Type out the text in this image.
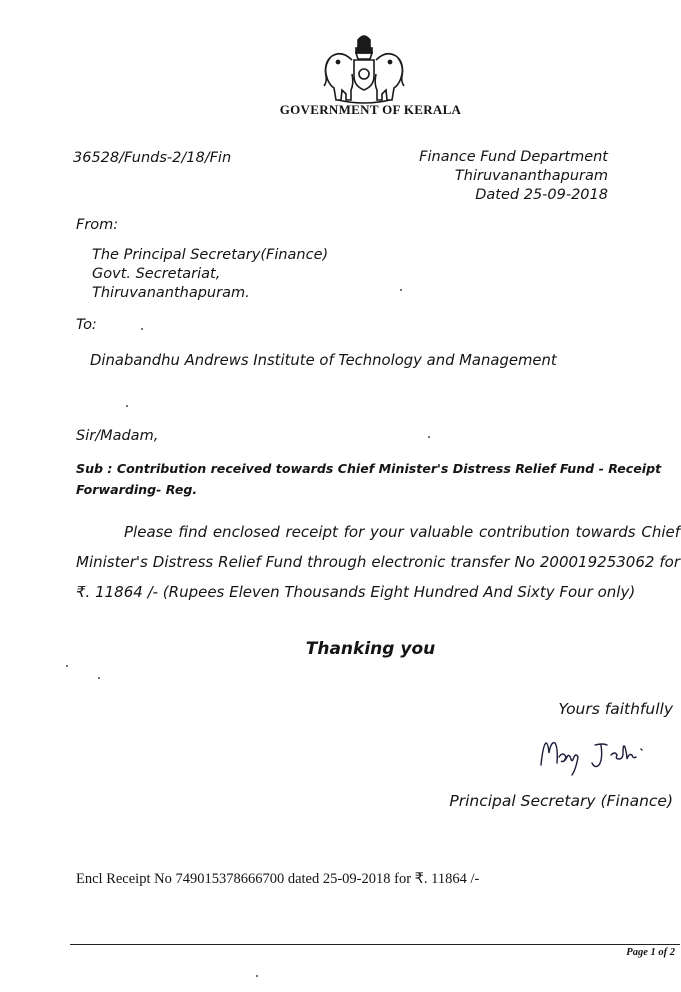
GOVERNMENT OF KERALA
36528/Funds-2/18/Fin	Finance Fund Department
Thiruvananthapuram
Dated 25-09-2018
From:
The Principal Secretary(Finance)
Govt. Secretariat,
Thiruvananthapuram.
To:
Dinabandhu Andrews Institute of Technology and Management
Sir/Madam,
Sub : Contribution received towards Chief Minister's Distress Relief Fund - Receipt Forwarding- Reg.
Please find enclosed receipt for your valuable contribution towards Chief Minister's Distress Relief Fund through electronic transfer No 200019253062 for ₹. 11864 /- (Rupees Eleven Thousands Eight Hundred And Sixty Four only)
Thanking you
Yours faithfully
Principal Secretary (Finance)
Encl Receipt No 749015378666700 dated 25-09-2018 for ₹. 11864 /-
Page 1 of 2
